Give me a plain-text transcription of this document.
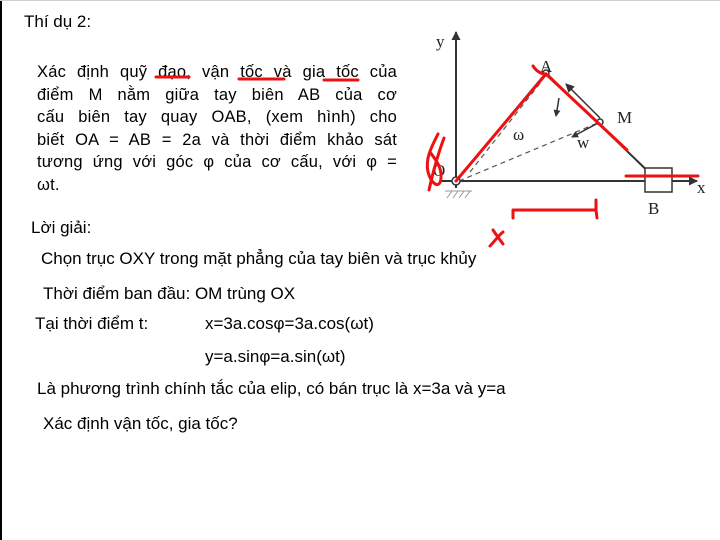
Thí dụ 2:
Xác định quỹ đạo, vận tốc và gia tốc của
điểm M nằm giữa tay biên AB của cơ
cấu biên tay quay OAB, (xem hình) cho
biết OA = AB = 2a và thời điểm khảo sát
tương ứng với góc φ của cơ cấu, với φ =
ωt.
Lời giải:
Chọn trục OXY trong mặt phẳng của tay biên và trục khủy
Thời điểm ban đầu: OM trùng OX
Tại thời điểm t:	x=3a.cosφ=3a.cos(ωt)
y=a.sinφ=a.sin(ωt)
Là phương trình chính tắc của elip, có bán trục là x=3a và y=a
Xác định vận tốc, gia tốc?
y
x
A
M
O
B
ω	w
